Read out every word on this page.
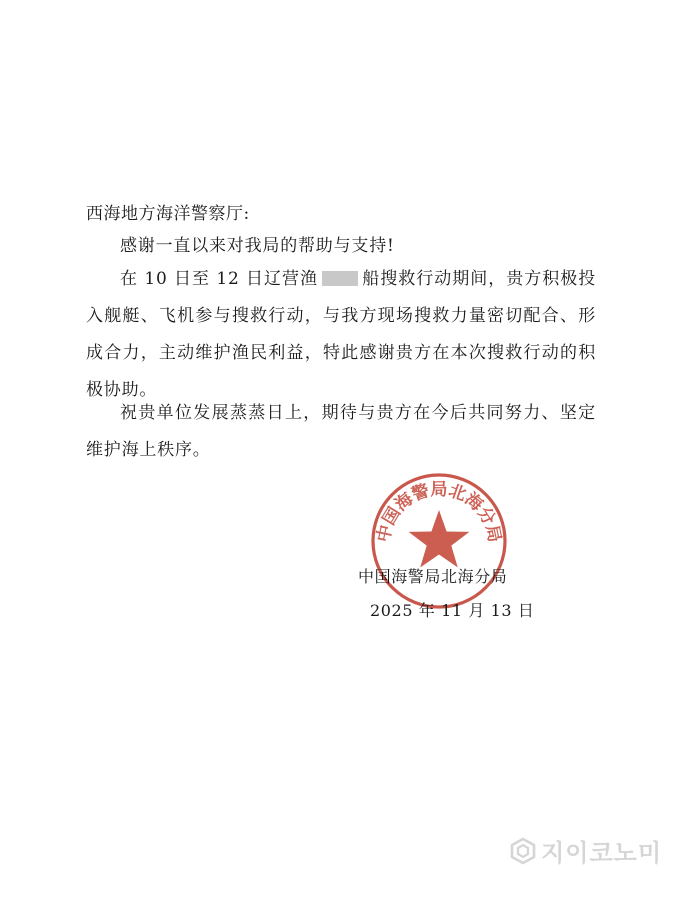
西海地方海洋警察厅:

感谢一直以来对我局的帮助与支持!

在 10 日至 12 日辽营渔	船搜救行动期间，贵方积极投入舰艇、飞机参与搜救行动，与我方现场搜救力量密切配合、形成合力，主动维护渔民利益，特此感谢贵方在本次搜救行动的积极协助。

祝贵单位发展蒸蒸日上，期待与贵方在今后共同努力、坚定维护海上秩序。

中国海警局北海分局
中国海警局北海分局
2025 年 11 月 13 日
지이코노미
